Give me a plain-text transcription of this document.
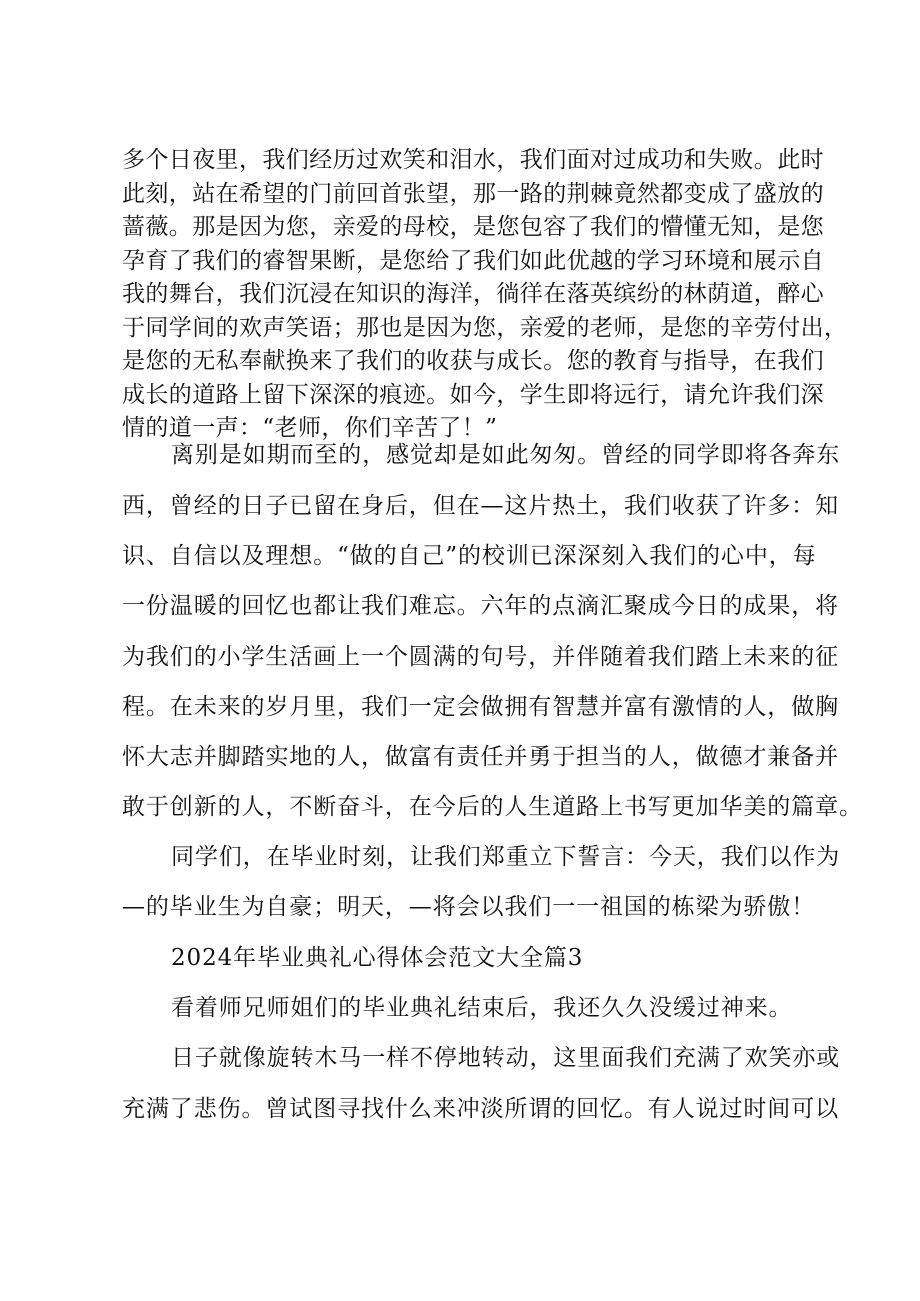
多个日夜里，我们经历过欢笑和泪水，我们面对过成功和失败。此时

此刻，站在希望的门前回首张望，那一路的荆棘竟然都变成了盛放的

蔷薇。那是因为您，亲爱的母校，是您包容了我们的懵懂无知，是您

孕育了我们的睿智果断，是您给了我们如此优越的学习环境和展示自

我的舞台，我们沉浸在知识的海洋，徜徉在落英缤纷的林荫道，醉心

于同学间的欢声笑语；那也是因为您，亲爱的老师，是您的辛劳付出，

是您的无私奉献换来了我们的收获与成长。您的教育与指导，在我们

成长的道路上留下深深的痕迹。如今，学生即将远行，请允许我们深

情的道一声：“老师，你们辛苦了！”

离别是如期而至的，感觉却是如此匆匆。曾经的同学即将各奔东

西，曾经的日子已留在身后，但在—这片热土，我们收获了许多：知

识、自信以及理想。“做的自己”的校训已深深刻入我们的心中，每

一份温暖的回忆也都让我们难忘。六年的点滴汇聚成今日的成果，将

为我们的小学生活画上一个圆满的句号，并伴随着我们踏上未来的征

程。在未来的岁月里，我们一定会做拥有智慧并富有激情的人，做胸

怀大志并脚踏实地的人，做富有责任并勇于担当的人，做德才兼备并

敢于创新的人，不断奋斗，在今后的人生道路上书写更加华美的篇章。

同学们，在毕业时刻，让我们郑重立下誓言：今天，我们以作为

—的毕业生为自豪；明天，—将会以我们一一祖国的栋梁为骄傲！

2024年毕业典礼心得体会范文大全篇3

看着师兄师姐们的毕业典礼结束后，我还久久没缓过神来。

日子就像旋转木马一样不停地转动，这里面我们充满了欢笑亦或

充满了悲伤。曾试图寻找什么来冲淡所谓的回忆。有人说过时间可以
